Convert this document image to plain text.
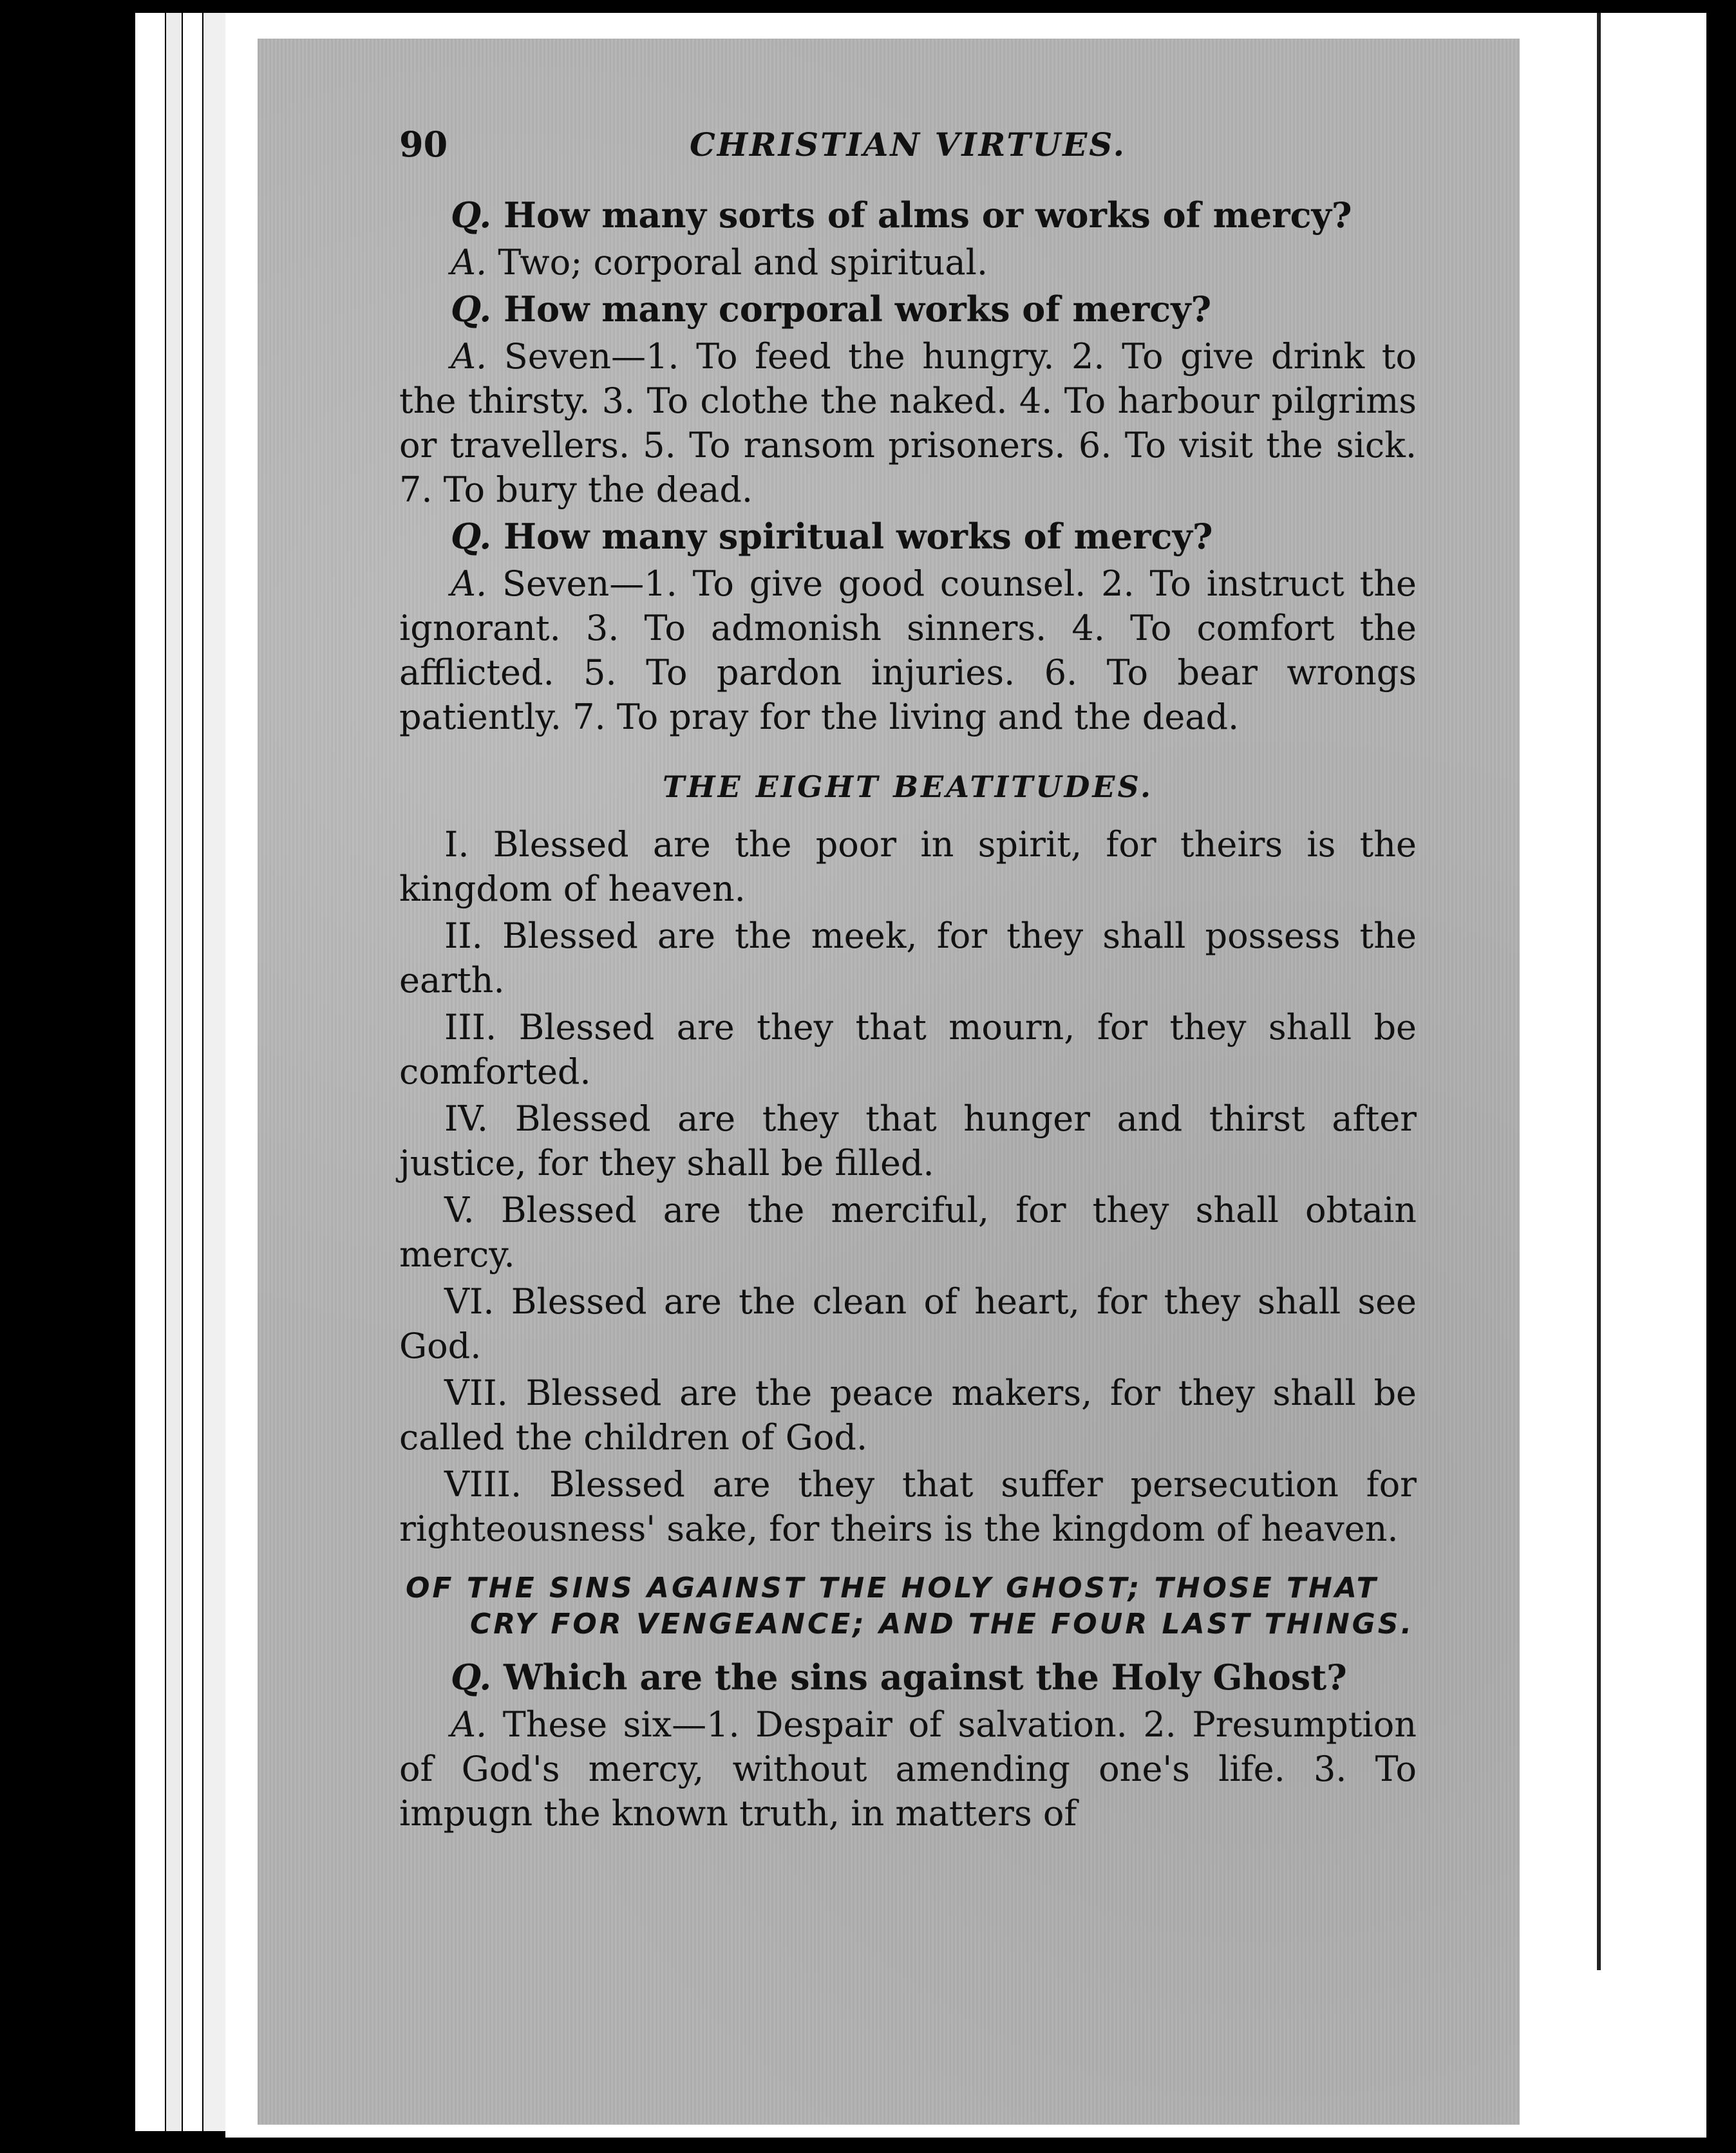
90	CHRISTIAN VIRTUES.

Q. How many sorts of alms or works of mercy?

A. Two; corporal and spiritual.

Q. How many corporal works of mercy?

A. Seven—1. To feed the hungry. 2. To give drink to the thirsty. 3. To clothe the naked. 4. To harbour pilgrims or travellers. 5. To ransom prisoners. 6. To visit the sick. 7. To bury the dead.

Q. How many spiritual works of mercy?

A. Seven—1. To give good counsel. 2. To instruct the ignorant. 3. To admonish sinners. 4. To comfort the afflicted. 5. To pardon injuries. 6. To bear wrongs patiently. 7. To pray for the living and the dead.

THE EIGHT BEATITUDES.

I. Blessed are the poor in spirit, for theirs is the kingdom of heaven.

II. Blessed are the meek, for they shall possess the earth.

III. Blessed are they that mourn, for they shall be comforted.

IV. Blessed are they that hunger and thirst after justice, for they shall be filled.

V. Blessed are the merciful, for they shall obtain mercy.

VI. Blessed are the clean of heart, for they shall see God.

VII. Blessed are the peace makers, for they shall be called the children of God.

VIII. Blessed are they that suffer persecution for righteousness' sake, for theirs is the kingdom of heaven.

OF THE SINS AGAINST THE HOLY GHOST; THOSE THAT CRY FOR VENGEANCE; AND THE FOUR LAST THINGS.

Q. Which are the sins against the Holy Ghost?

A. These six—1. Despair of salvation. 2. Presumption of God's mercy, without amending one's life. 3. To impugn the known truth, in matters of
